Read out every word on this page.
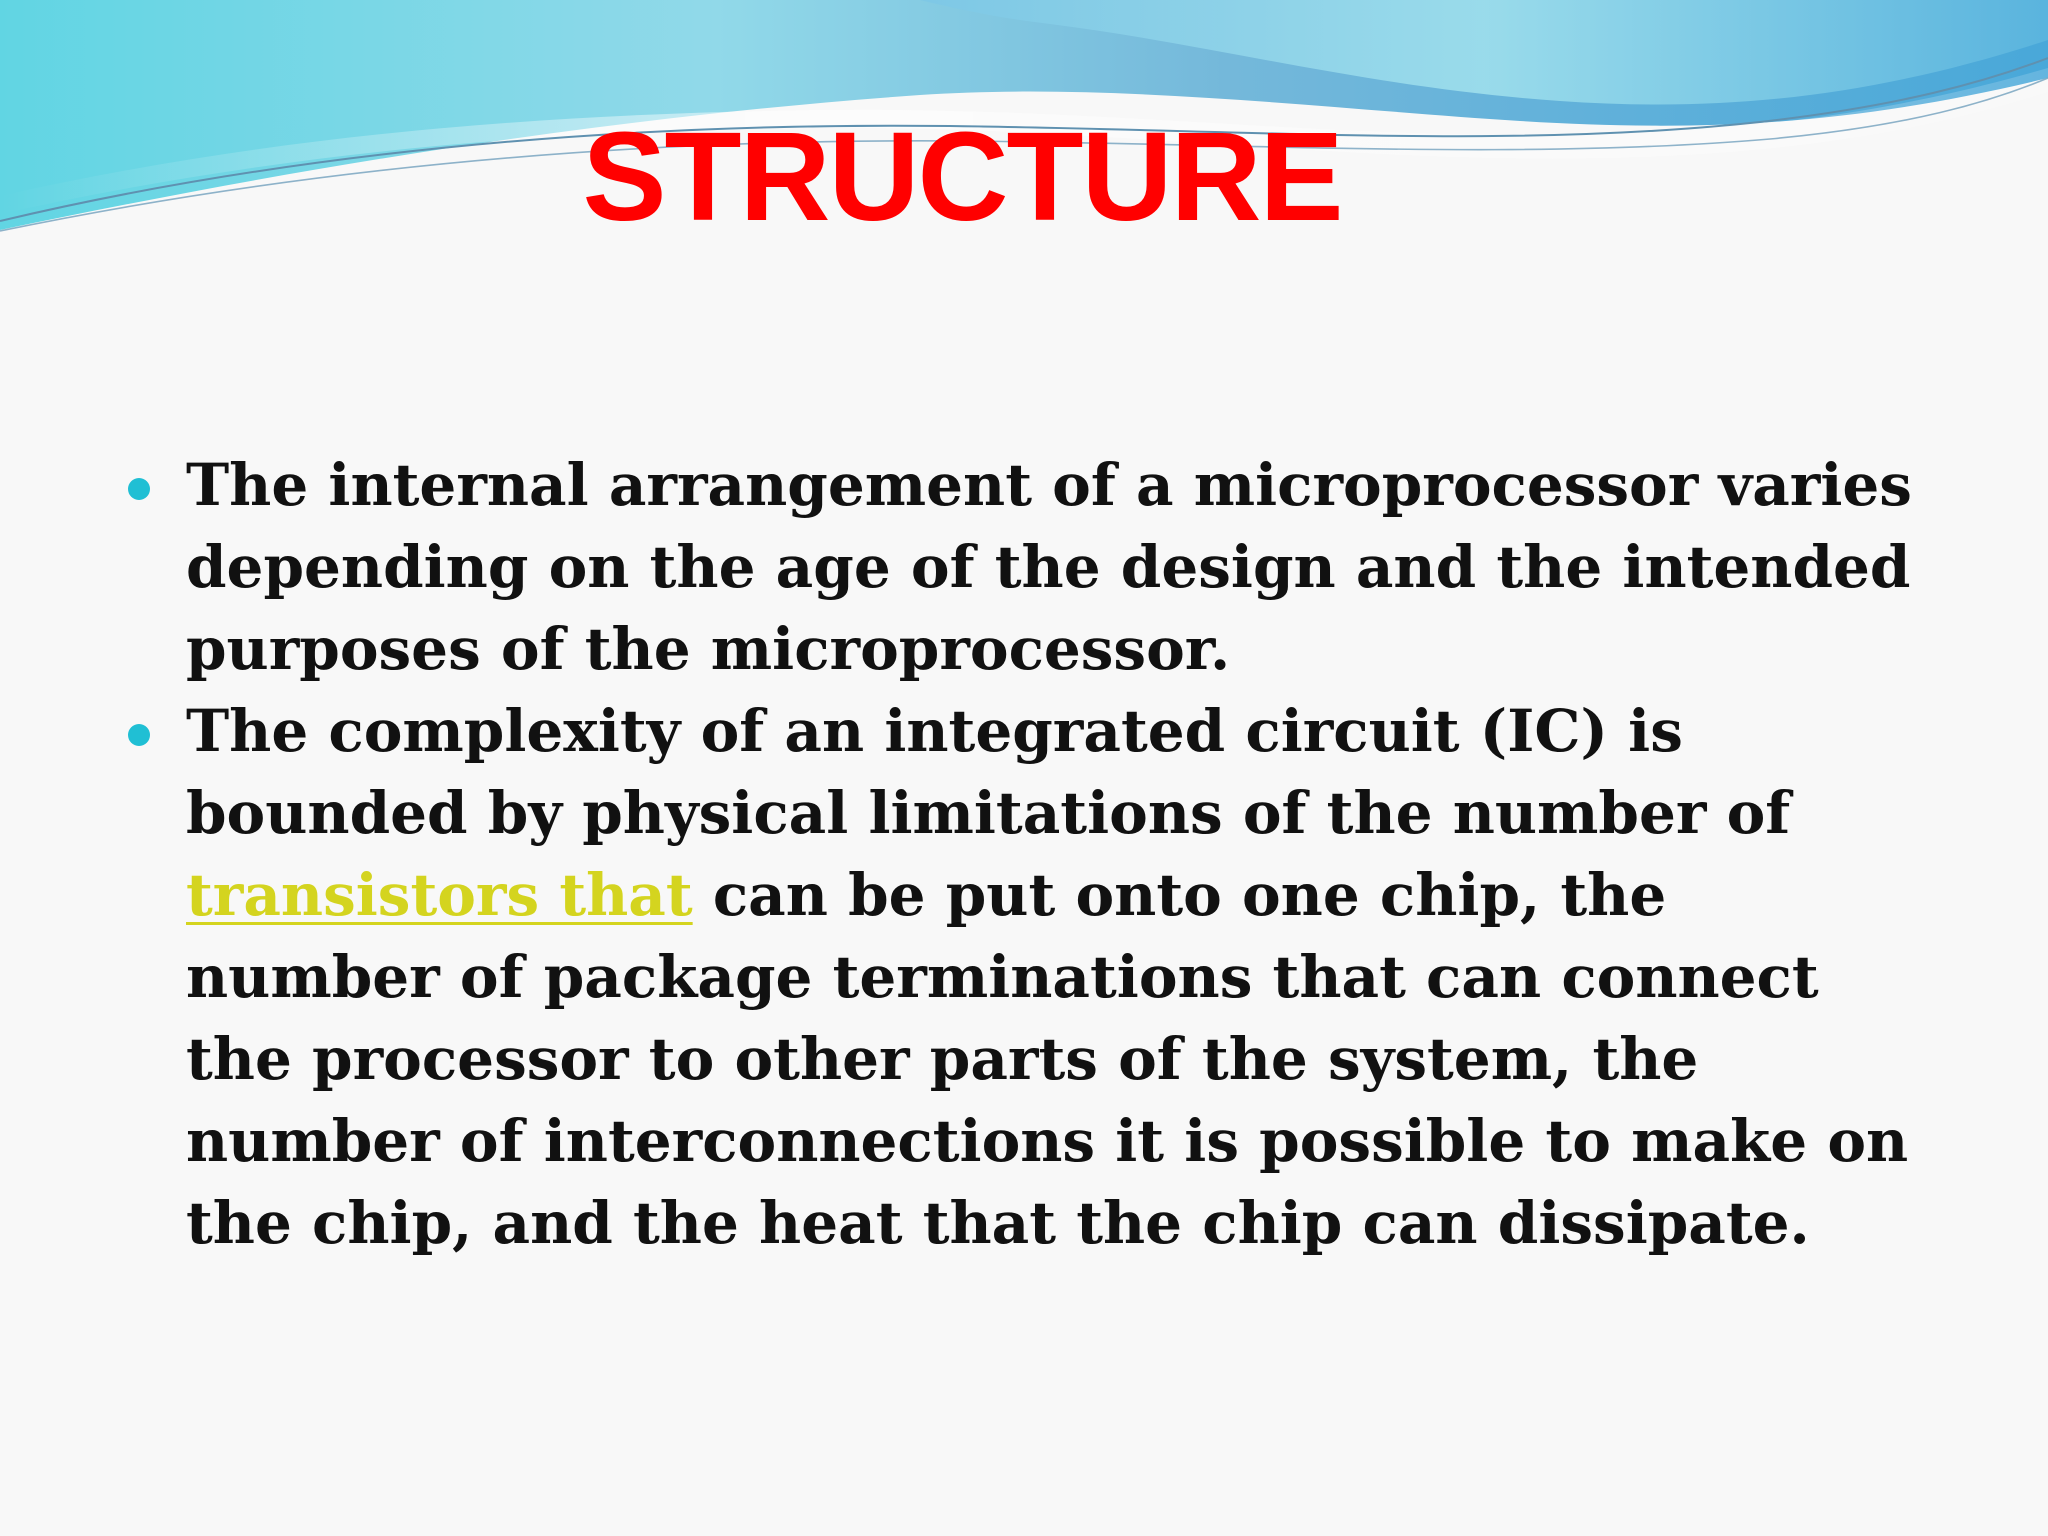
STRUCTURE
The internal arrangement of a microprocessor varies depending on the age of the design and the intended purposes of the microprocessor.
The complexity of an integrated circuit (IC) is bounded by physical limitations of the number of transistors that can be put onto one chip, the number of package terminations that can connect the processor to other parts of the system, the number of interconnections it is possible to make on the chip, and the heat that the chip can dissipate.
